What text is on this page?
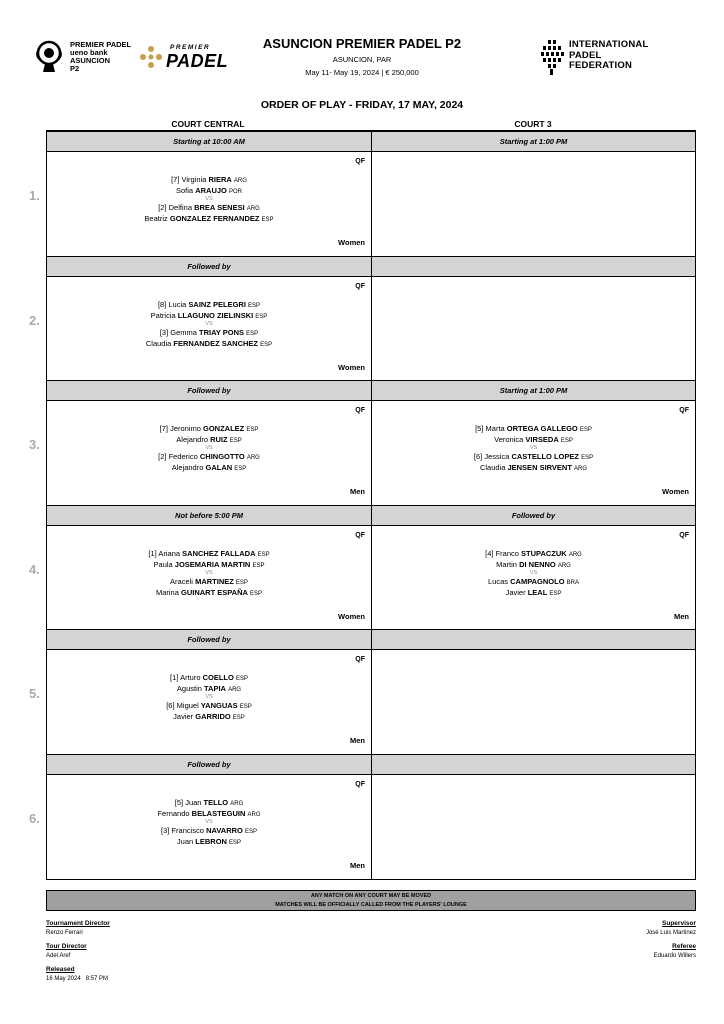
PREMIER PADEL
ueno bank
ASUNCION
P2
PREMIER
PADEL
ASUNCION PREMIER PADEL P2
ASUNCION, PAR
May 11- May 19, 2024 | € 250,000
INTERNATIONAL
PADEL
FEDERATION
ORDER OF PLAY - FRIDAY, 17 MAY, 2024
COURT CENTRAL	COURT 3
1.
Starting at 10:00 AM
QF
[7] Virginia RIERA ARG
Sofia ARAUJO POR
VS
[2] Delfina BREA SENESI ARG
Beatriz GONZALEZ FERNANDEZ ESP
Women
Starting at 1:00 PM
2.
Followed by
QF
[8] Lucia SAINZ PELEGRI ESP
Patricia LLAGUNO ZIELINSKI ESP
VS
[3] Gemma TRIAY PONS ESP
Claudia FERNANDEZ SANCHEZ ESP
Women
3.
Followed by
QF
[7] Jeronimo GONZALEZ ESP
Alejandro RUIZ ESP
VS
[2] Federico CHINGOTTO ARG
Alejandro GALAN ESP
Men
Starting at 1:00 PM
QF
[5] Marta ORTEGA GALLEGO ESP
Veronica VIRSEDA ESP
VS
[6] Jessica CASTELLO LOPEZ ESP
Claudia JENSEN SIRVENT ARG
Women
4.
Not before 5:00 PM
QF
[1] Ariana SANCHEZ FALLADA ESP
Paula JOSEMARIA MARTIN ESP
VS
Araceli MARTINEZ ESP
Marina GUINART ESPAÑA ESP
Women
Followed by
QF
[4] Franco STUPACZUK ARG
Martin DI NENNO ARG
VS
Lucas CAMPAGNOLO BRA
Javier LEAL ESP
Men
5.
Followed by
QF
[1] Arturo COELLO ESP
Agustin TAPIA ARG
VS
[6] Miguel YANGUAS ESP
Javier GARRIDO ESP
Men
6.
Followed by
QF
[5] Juan TELLO ARG
Fernando BELASTEGUIN ARG
VS
[3] Francisco NAVARRO ESP
Juan LEBRON ESP
Men
ANY MATCH ON ANY COURT MAY BE MOVED
MATCHES WILL BE OFFICIALLY CALLED FROM THE PLAYERS' LOUNGE
Tournament Director
Renzo Ferrari
Tour Director
Adel Aref
Released
16 May 2024   8:57 PM
Supervisor
José Luis Martinez
Referee
Eduardo Willers
